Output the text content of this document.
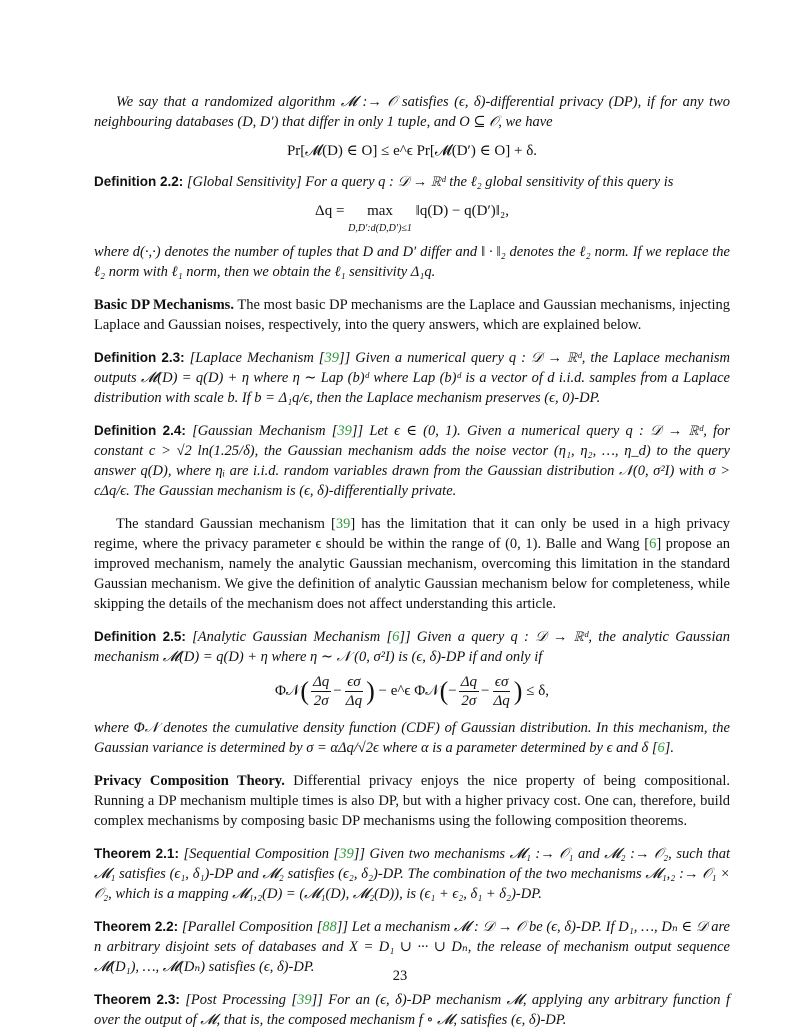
We say that a randomized algorithm 𝓜 :→ 𝒪 satisfies (ϵ, δ)-differential privacy (DP), if for any two neighbouring databases (D, D′) that differ in only 1 tuple, and O ⊆ 𝒪, we have

Pr[𝓜(D) ∈ O] ≤ e^ϵ Pr[𝓜(D′) ∈ O] + δ.

Definition 2.2: [Global Sensitivity] For a query q : 𝒟 → ℝᵈ the ℓ₂ global sensitivity of this query is

Δq = max
D,D′:d(D,D′)≤1
‖q(D) − q(D′)‖₂,

where d(·,·) denotes the number of tuples that D and D′ differ and ‖ · ‖₂ denotes the ℓ₂ norm. If we replace the ℓ₂ norm with ℓ₁ norm, then we obtain the ℓ₁ sensitivity Δ₁q.

Basic DP Mechanisms. The most basic DP mechanisms are the Laplace and Gaussian mechanisms, injecting Laplace and Gaussian noises, respectively, into the query answers, which are explained below.

Definition 2.3: [Laplace Mechanism [39]] Given a numerical query q : 𝒟 → ℝᵈ, the Laplace mechanism outputs 𝓜(D) = q(D) + η where η ∼ Lap (b)ᵈ where Lap (b)ᵈ is a vector of d i.i.d. samples from a Laplace distribution with scale b. If b = Δ₁q/ϵ, then the Laplace mechanism preserves (ϵ, 0)-DP.

Definition 2.4: [Gaussian Mechanism [39]] Let ϵ ∈ (0, 1). Given a numerical query q : 𝒟 → ℝᵈ, for constant c > √2 ln(1.25/δ), the Gaussian mechanism adds the noise vector (η₁, η₂, …, η_d) to the query answer q(D), where ηᵢ are i.i.d. random variables drawn from the Gaussian distribution 𝒩(0, σ²I) with σ > cΔq/ϵ. The Gaussian mechanism is (ϵ, δ)-differentially private.

The standard Gaussian mechanism [39] has the limitation that it can only be used in a high privacy regime, where the privacy parameter ϵ should be within the range of (0, 1). Balle and Wang [6] propose an improved mechanism, namely the analytic Gaussian mechanism, overcoming this limitation in the standard Gaussian mechanism. We give the definition of analytic Gaussian mechanism below for completeness, while skipping the details of the mechanism does not affect understanding this article.

Definition 2.5: [Analytic Gaussian Mechanism [6]] Given a query q : 𝒟 → ℝᵈ, the analytic Gaussian mechanism 𝓜(D) = q(D) + η where η ∼ 𝒩 (0, σ²I) is (ϵ, δ)-DP if and only if

Φ𝒩( $\frac{\Delta q}{2\sigma} - \frac{\epsilon\sigma}{\Delta q}$ ) − e^ϵ Φ𝒩(− $\frac{\Delta q}{2\sigma} - \frac{\epsilon\sigma}{\Delta q}$ ) ≤ δ,

where Φ𝒩 denotes the cumulative density function (CDF) of Gaussian distribution. In this mechanism, the Gaussian variance is determined by σ = αΔq/√2ϵ where α is a parameter determined by ϵ and δ [6].

Privacy Composition Theory. Differential privacy enjoys the nice property of being compositional. Running a DP mechanism multiple times is also DP, but with a higher privacy cost. One can, therefore, build complex mechanisms by composing basic DP mechanisms using the following composition theorems.

Theorem 2.1: [Sequential Composition [39]] Given two mechanisms 𝓜₁ :→ 𝒪₁ and 𝓜₂ :→ 𝒪₂, such that 𝓜₁ satisfies (ϵ₁, δ₁)-DP and 𝓜₂ satisfies (ϵ₂, δ₂)-DP. The combination of the two mechanisms 𝓜₁,₂ :→ 𝒪₁ × 𝒪₂, which is a mapping 𝓜₁,₂(D) = (𝓜₁(D), 𝓜₂(D)), is (ϵ₁ + ϵ₂, δ₁ + δ₂)-DP.

Theorem 2.2: [Parallel Composition [88]] Let a mechanism 𝓜 : 𝒟 → 𝒪 be (ϵ, δ)-DP. If D₁, …, Dₙ ∈ 𝒟 are n arbitrary disjoint sets of databases and X = D₁ ∪ ··· ∪ Dₙ, the release of mechanism output sequence 𝓜(D₁), …, 𝓜(Dₙ) satisfies (ϵ, δ)-DP.

Theorem 2.3: [Post Processing [39]] For an (ϵ, δ)-DP mechanism 𝓜, applying any arbitrary function f over the output of 𝓜, that is, the composed mechanism f ∘ 𝓜, satisfies (ϵ, δ)-DP.

23
